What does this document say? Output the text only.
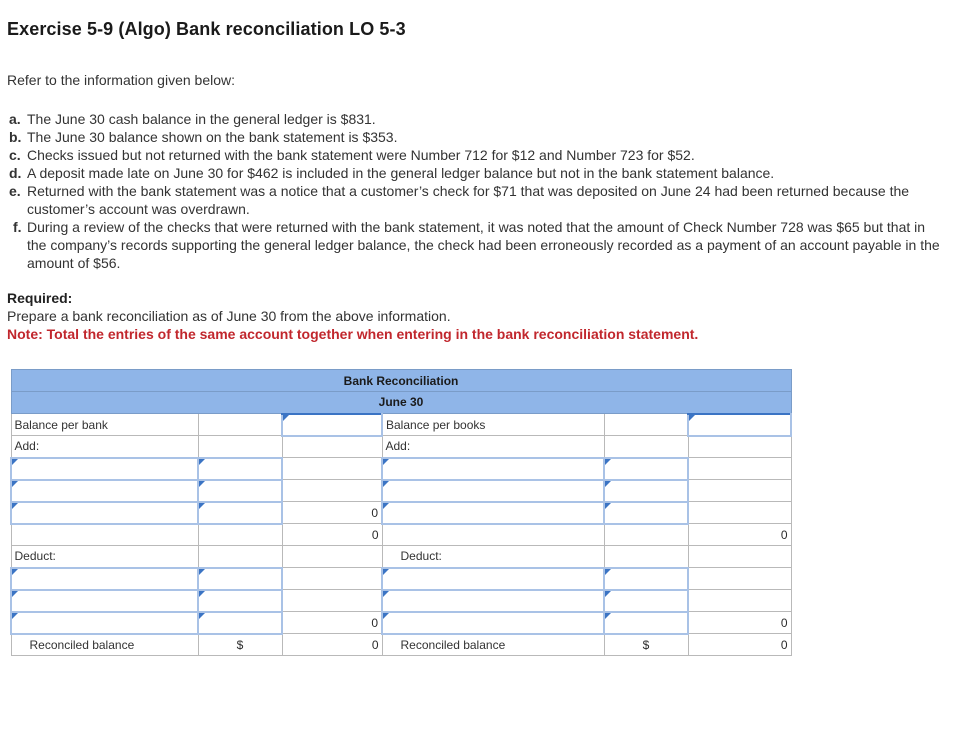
Exercise 5-9 (Algo) Bank reconciliation LO 5-3
Refer to the information given below:
a. The June 30 cash balance in the general ledger is $831.
b. The June 30 balance shown on the bank statement is $353.
c. Checks issued but not returned with the bank statement were Number 712 for $12 and Number 723 for $52.
d. A deposit made late on June 30 for $462 is included in the general ledger balance but not in the bank statement balance.
e. Returned with the bank statement was a notice that a customer’s check for $71 that was deposited on June 24 had been returned because the customer’s account was overdrawn.
f. During a review of the checks that were returned with the bank statement, it was noted that the amount of Check Number 728 was $65 but that in the company’s records supporting the general ledger balance, the check had been erroneously recorded as a payment of an account payable in the amount of $56.
Required:
Prepare a bank reconciliation as of June 30 from the above information.
Note: Total the entries of the same account together when entering in the bank reconciliation statement.
Bank Reconciliation					
June 30					
Balance per bank			Balance per books		
Add:			Add:		

		0			
		0			0
Deduct:			Deduct:		

		0			0
Reconciled balance	$	0	Reconciled balance	$	0
